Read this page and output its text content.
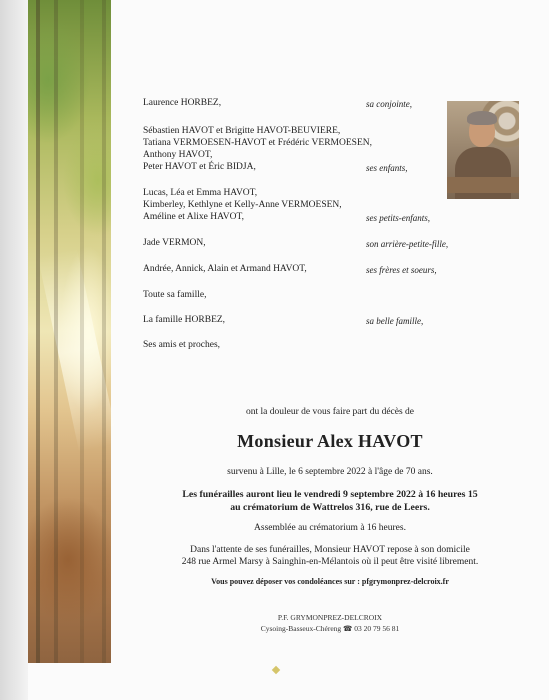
Laurence HORBEZ,	sa conjointe,
Sébastien HAVOT et Brigitte HAVOT-BEUVIERE,
Tatiana VERMOESEN-HAVOT et Frédéric VERMOESEN,
Anthony HAVOT,
Peter HAVOT et Éric BIDJA,	ses enfants,
Lucas, Léa et Emma HAVOT,
Kimberley, Kethlyne et Kelly-Anne VERMOESEN,
Améline et Alixe HAVOT,	ses petits-enfants,
Jade VERMON,	son arrière-petite-fille,
Andrée, Annick, Alain et Armand HAVOT,	ses frères et soeurs,
Toute sa famille,
La famille HORBEZ,	sa belle famille,
Ses amis et proches,
ont la douleur de vous faire part du décès de
Monsieur Alex HAVOT
survenu à Lille, le 6 septembre 2022 à l'âge de 70 ans.
Les funérailles auront lieu le vendredi 9 septembre 2022 à 16 heures 15
au crématorium de Wattrelos 316, rue de Leers.
Assemblée au crématorium à 16 heures.
Dans l'attente de ses funérailles, Monsieur HAVOT repose à son domicile
248 rue Armel Marsy à Sainghin-en-Mélantois où il peut être visité librement.
Vous pouvez déposer vos condoléances sur : pfgrymonprez-delcroix.fr
P.F. GRYMONPREZ-DELCROIX
Cysoing-Basseux-Chéreng ☎ 03 20 79 56 81
